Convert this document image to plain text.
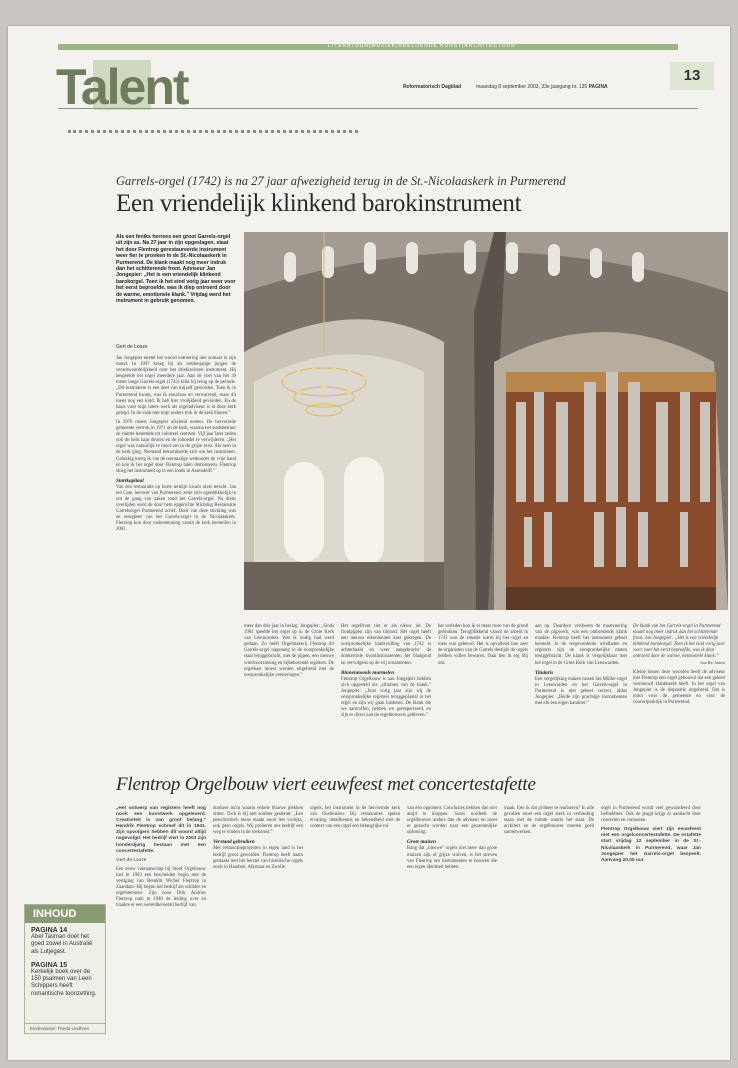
LITERATUUR|MUZIEK|BEELDENDE KUNST|ARCHITECTUUR
Talent	Reformatorisch Dagblad	maandag 8 september 2003, 33e jaargang nr. 135 PAGINA
13
Garrels-orgel (1742) is na 27 jaar afwezigheid terug in de St.-Nicolaaskerk in Purmerend
Een vriendelijk klinkend barokinstrument
Als een feniks herrees een groot Garrels-orgel uit zijn as. Na 27 jaar in zijn opgeslagen, staat het door Flentrop gerestaureerde instrument weer fier te pronken in de St.-Nicolaaskerk in Purmerend. De klank maakt nog meer indruk dan het schitterende front. Adviseur Jan Jongepier: „Het is een vriendelijk klinkend barokorgel. Toen ik het eind vorig jaar weer voor het eerst beproefde, was ik diep ontroerd door de warme, emotionele klank.” Vrijdag werd het instrument in gebruik genomen.
Gert de Looze

Jan Jongepier neemt het woord ontroering niet zomaar in zijn mond. In 1997 kreeg hij als zestienjarige jongen de verantwoordelijkheid over het drieklavieren instrument. Hij bespeelde het orgel meerdere jaar. Aan de voet van het 39 meter lange Garrels-orgel (1742) blikt hij terug op de periode. „Dit instrument is een deel van mijzelf geworden. Toen ik in Purmerend kwam, was ik stuurloos en verwarrend, maar dit mens nog een kind. Ik heb hier vrolijkheid gevonden. En de basis voor mijn latere werk als orgeladviseur is in deze kerk gelegd. In de vaak met mijn ouders trok ik de kerk binnen.”

In 1976 moest Jongepier afscheid nemen. De hervormde gemeente vertrok in 1971 uit de kerk, waarna het stadsbestuur de ruimte bestemde tot cultureel centrum. Vijf jaar later zeden ook de kerk haar deuren en de inboedel te verwijderen. „Het orgel was natuurlijk te mooi om in de grijze mist. Als toen in de kerk ging. Niemand bekommerde zich om het instrument. Gelukkig kreeg ik van de toenmalige wethouder de vrije hand en kon ik het orgel door Flentrop laten demonteren. Flentrop sloeg het instrument op in een loods in Assendelft.”

Startkapitaal

Van een restauratie op korte termijn kwam niets terecht. Jan ten Cate, leeuwer van Purmerend, zette zich ogenblikkelijk in om de gang van zaken rond het Garrels-orgel. Na diens overlijden werd de door hem opgerichte Stichting Restauratie Garrelsorgel Purmerend actief. Door van deze stichting was de terugkeer van het Garrels-orgel in de Nicolaaskerk. Flentrop kon door ondersteuning vanuit de kerk herstellen in 2001.

meer dan drie jaar in beslag. Jongepier: „Sinds 1981 speelde het orgel op in de Grote Kerk van Leeuwarden. Wat ik nodig had werd gedaan. Zo heeft Orgelmakerij Flentrop dit Garrels-orgel nagenoeg in de oorspronkelijke staat teruggebracht, met de pijpen, een nieuwe windvoorziening en bijbehorende registers. De orgelkast moest worden uitgebreid met de oorspronkelijke versieringen.”

Het orgelfront riet er als nieuw uit. De frontpijpen zijn van tinlood. Het orgel heeft een nieuwe eikenhouten kast gekregen. De oorspronkelijke klankvulling van 1742 is achterhaald en weer aangebracht: de donkerrode kwartinstrumenten het bladgoud en vervolgens op de wij ornamenten.

Binnenmonds murmelen

Flentrop Orgelbouw is aan Jongepier hebben zich opgesteld als „slimmen van de klank.” Jongepier: „Juist vorig jaar zijn wij de oorspronkelijke registers teruggeplaatst in het orgel en zijn wij gaan luisteren. De klank die we aantroffen, hebben we gerespecteerd, en zijn er direct aan de orgelbouwers gebleven.”

het verleden kon ik er maar twee van de grond gebruiken. Terugblikkend vanuit de arbeid in 1742 was de situatie warm bij het orgel en niets was gebeurd. Het is opvallend hoe zeer de organisten van de Garrels destijds de orgels hebben willen bewaren. Daar ben ik erg blij om.

aan op. Daardoor verdween de maatvoering van de pijpwerk, wat een ontbrekende klank maakte. Flentrop heeft het instrument geheel hersteld. In de vergevorderde windladen en registers zijn de oorspronkelijke maten teruggebracht. De klank is vergelijkbaar met het orgel in de Grote Kerk van Leeuwarden.

Titularis

Een vergelijking maken tussen het Müller-orgel in Leeuwarden en het Garrels-orgel in Purmerend is niet geheel correct, aldus Jongepier. „Beide zijn prachtige instrumenten met elk een eigen karakter.”

De klank van het Garrels-orgel in Purmerend maakt nog meer indruk dan het schitterende front. Jan Jongepier: „Het is een vriendelijk klinkend barokorgel. Toen ik het eind vorig jaar weer voor het eerst beproefde, was ik diep ontroerd door de warme, emotionele klank.”

foto Ric Jansen

Kleine tussen deze woorden heeft de adviseur met Flentrop een orgel gebouwd dat een geheel vernieuwd klankbeeld heeft. In het orgel van Jongepier is de dispositie uitgebreid. Dat is mooi voor de gemeente en voor de concertpraktijk in Purmerend.

Flentrop Orgelbouw viert eeuwfeest met concertestafette

„Het ontwerp van registers heeft nog nooit een kunstwerk opgeleverd. Creativiteit is van groot belang.” Hendrik Flentrop schreef dit in 1941. Zijn opvolgers hebben dit woord altijd nagevolgd. Het bedrijf viert in 2003 zijn honderdjarig bestaan met een concertestafette.

Gert de Looze

Een eeuw vakmanschap bij Stoof Orgelbouw had in 1903 een bescheiden begin met de vestiging van Hendrik Wicher Flentrop in Zaandam. Hij begon het bedrijf als schilder en orgelstemmer. Zijn zoon Dirk Andries Flentrop nam in 1940 de leiding over en maakte er een wereldberoemd bedrijf van.

donkere lucht waarin enkele blauwe plekken zitten. Toch is hij niet somber gestemd: „Een pessimistisch mens maakt nooit iets vrolijks, ook geen orgels. Wij proberen ons bedrijf een weg te vinden in de toekomst.”

Verstand gebruiken

Met restauratieprojecten in eigen land is het bedrijf groot geworden. Flentrop heeft naam gemaakt met het herstel van historische orgels zoals in Haarlem, Alkmaar en Zwolle.

orgels, het instrument in de hervormde kerk van Oosthuizen. Bij restauraties spelen ervaring, detailkennis en bekendheid met de context van een orgel een belangrijke rol.

van een opponent. Conclusies trekken dan niet altijd te kloppen. Soms oordeelt de orgelbouwer anders dan de adviseur en moet er gezocht worden naar een gezamenlijke oplossing.

Grote muizen

Bang dat „nieuwe” orgels niet meer dan grote muizen zijn of grijze wolven, is het streven van Flentrop om instrumenten te bouwen die een eigen identiteit hebben.

maak. Een ik dat probeer te realiseren? In alle gevallen moet een orgel sterk in verbinding staan met de ruimte waarin het staat. De architect en de orgelbouwer moeten goed samenwerken.

orgel in Purmerend wordt veel gewaardeerd door liefhebbers. Ook de jeugd krijgt er aandacht door concerten en cursussen.

Flentrop Orgelbouw viert zijn eeuwfeest met een orgelconcertestafette. De estafette start vrijdag 12 september in de St.-Nicolaaskerk in Purmerend, waar Jan Jongepier het Garrels-orgel bespeelt. Aanvang 20.00 uur.

INHOUD
PAGINA 14
Abel Tasman doet het goed zowel in Australië als Lutjegast.
PAGINA 15
Kerkelijk boek over de 150 psalmen van Leen Schippers heeft romantische toonzetting.
Eindredactie: Theda Lindhout
